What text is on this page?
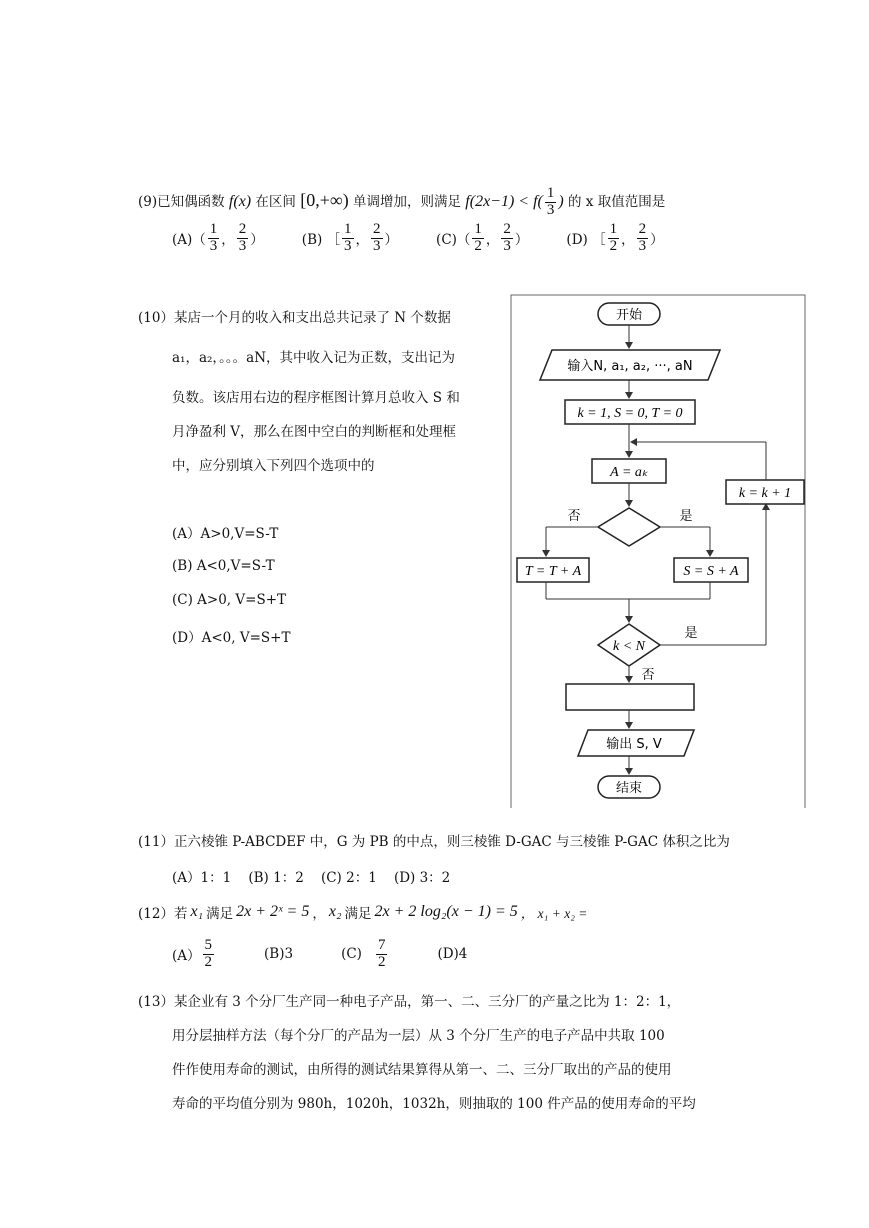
(9)已知偶函数 f(x) 在区间 [0,+∞) 单调增加，则满足 $f(2x-1) < f( \frac{1}{3}$ ) 的 x 取值范围是
$(A)( \frac{1}{3}$ ， $\frac{2}{3}$ ）	(B) ［ $\frac{1}{3}$ ， $\frac{2}{3}$ ）	$(C)( \frac{1}{2}$ ， $\frac{2}{3}$ ）	(D) ［ $\frac{1}{2}$ ， $\frac{2}{3}$ ）
(10）某店一个月的收入和支出总共记录了 N 个数据
a₁，a₂，。。。aN，其中收入记为正数，支出记为
负数。该店用右边的程序框图计算月总收入 S 和
月净盈利 V，那么在图中空白的判断框和处理框
中，应分别填入下列四个选项中的
(A）A>0,V=S-T
(B) A<0,V=S-T
(C) A>0, V=S+T
(D）A<0, V=S+T
开始
输入N, a₁, a₂, ···, aN
k = 1, S = 0, T = 0
A = aₖ
否	是
T = T + A	S = S + A
k < N
是
k = k + 1
否
输出 S, V
结束
(11）正六棱锥 P-ABCDEF 中，G 为 PB 的中点，则三棱锥 D-GAC 与三棱锥 P-GAC 体积之比为
(A）1：1    (B) 1：2    (C) 2：1    (D) 3：2
(12）若 x₁ 满足 2x + 2ˣ = 5 ， x₂ 满足 2x + 2 log₂(x − 1) = 5 ， x₁ + x₂ =
$(A) \frac{5}{2}$	(B)3	$(C) \frac{7}{2}$	(D)4
(13）某企业有 3 个分厂生产同一种电子产品，第一、二、三分厂的产量之比为 1：2：1，
用分层抽样方法（每个分厂的产品为一层）从 3 个分厂生产的电子产品中共取 100
件作使用寿命的测试，由所得的测试结果算得从第一、二、三分厂取出的产品的使用
寿命的平均值分别为 980h，1020h，1032h，则抽取的 100 件产品的使用寿命的平均
